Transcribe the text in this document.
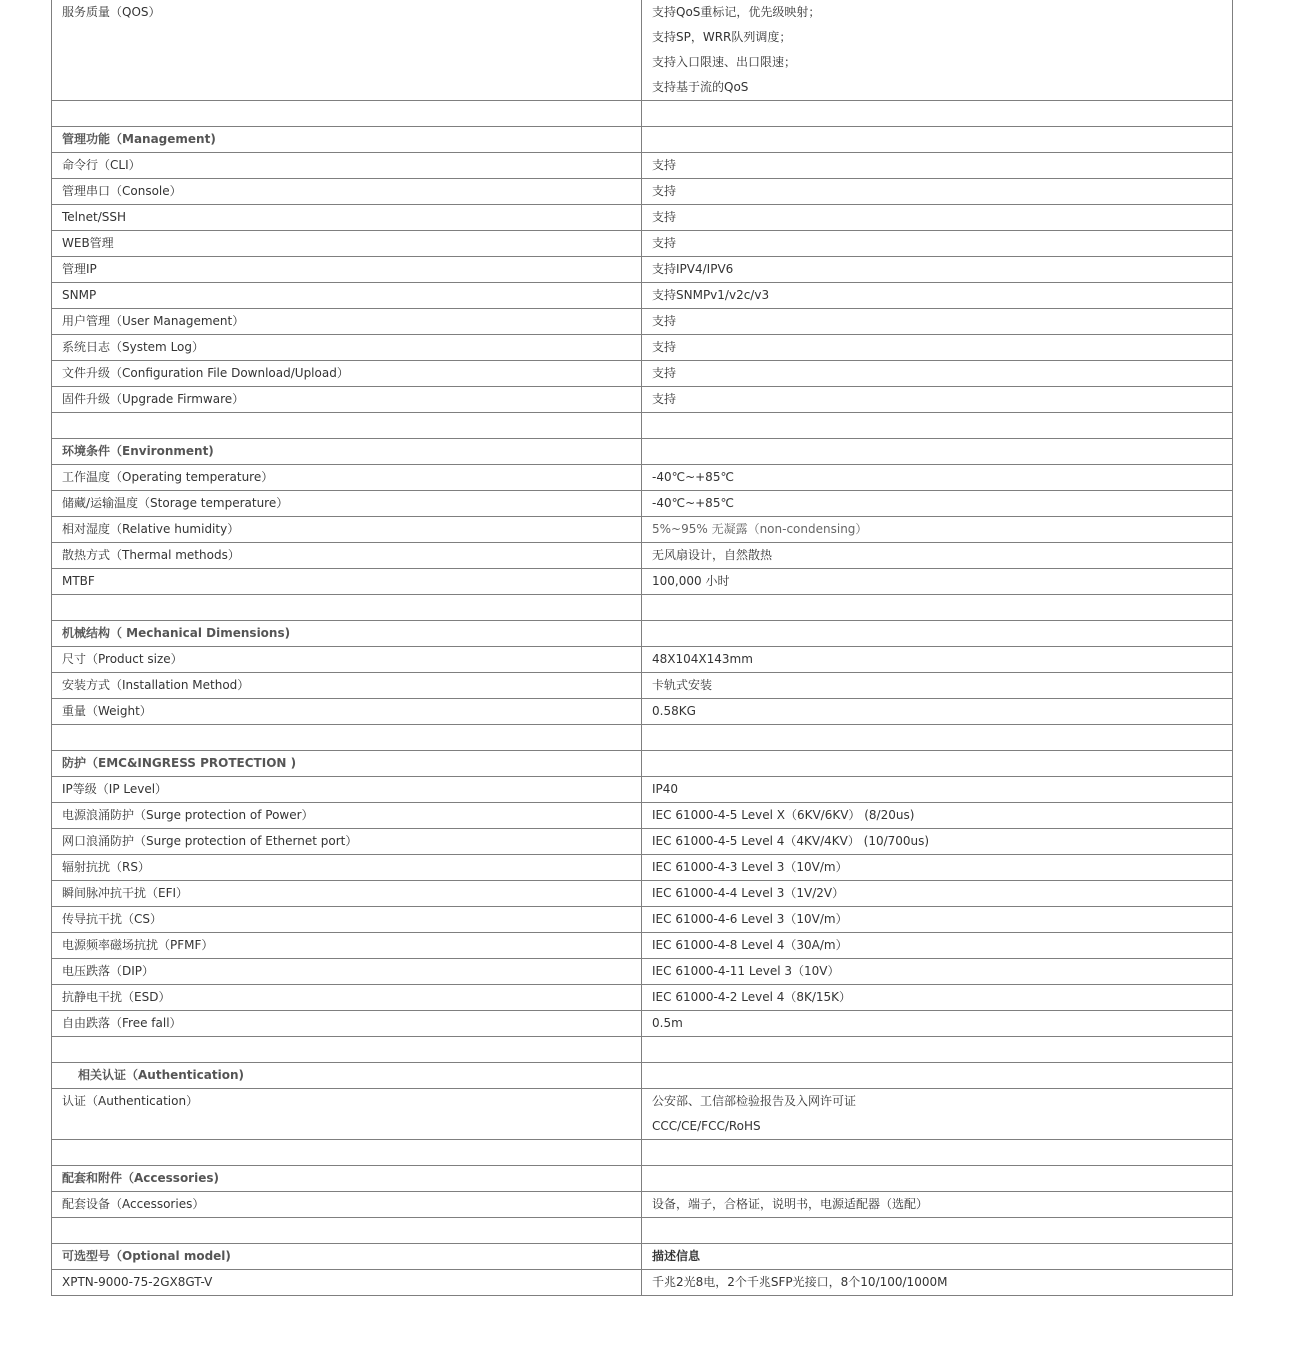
服务质量（QOS）	支持QoS重标记，优先级映射；
支持SP，WRR队列调度；
支持入口限速、出口限速；
支持基于流的QoS

管理功能（Management)	
命令行（CLI）	支持
管理串口（Console）	支持
Telnet/SSH	支持
WEB管理	支持
管理IP	支持IPV4/IPV6
SNMP	支持SNMPv1/v2c/v3
用户管理（User Management）	支持
系统日志（System Log）	支持
文件升级（Configuration File Download/Upload）	支持
固件升级（Upgrade Firmware）	支持

环境条件（Environment)	
工作温度（Operating temperature）	-40℃~+85℃
储藏/运输温度（Storage temperature）	-40℃~+85℃
相对湿度（Relative humidity）	5%~95% 无凝露（non-condensing）
散热方式（Thermal methods）	无风扇设计，自然散热
MTBF	100,000 小时

机械结构（ Mechanical Dimensions)	
尺寸（Product size）	48X104X143mm
安装方式（Installation Method）	卡轨式安装
重量（Weight）	0.58KG

防护（EMC&INGRESS PROTECTION )	
IP等级（IP Level）	IP40
电源浪涌防护（Surge protection of Power）	IEC 61000-4-5 Level X（6KV/6KV） (8/20us)
网口浪涌防护（Surge protection of Ethernet port）	IEC 61000-4-5 Level 4（4KV/4KV） (10/700us)
辐射抗扰（RS）	IEC 61000-4-3 Level 3（10V/m）
瞬间脉冲抗干扰（EFI）	IEC 61000-4-4 Level 3（1V/2V）
传导抗干扰（CS）	IEC 61000-4-6 Level 3（10V/m）
电源频率磁场抗扰（PFMF）	IEC 61000-4-8 Level 4（30A/m）
电压跌落（DIP）	IEC 61000-4-11 Level 3（10V）
抗静电干扰（ESD）	IEC 61000-4-2 Level 4（8K/15K）
自由跌落（Free fall）	0.5m

相关认证（Authentication)	
认证（Authentication）	公安部、工信部检验报告及入网许可证
CCC/CE/FCC/RoHS

配套和附件（Accessories)	
配套设备（Accessories）	设备，端子，合格证，说明书，电源适配器（选配）

可选型号（Optional model)	描述信息
XPTN-9000-75-2GX8GT-V	千兆2光8电，2个千兆SFP光接口，8个10/100/1000M
